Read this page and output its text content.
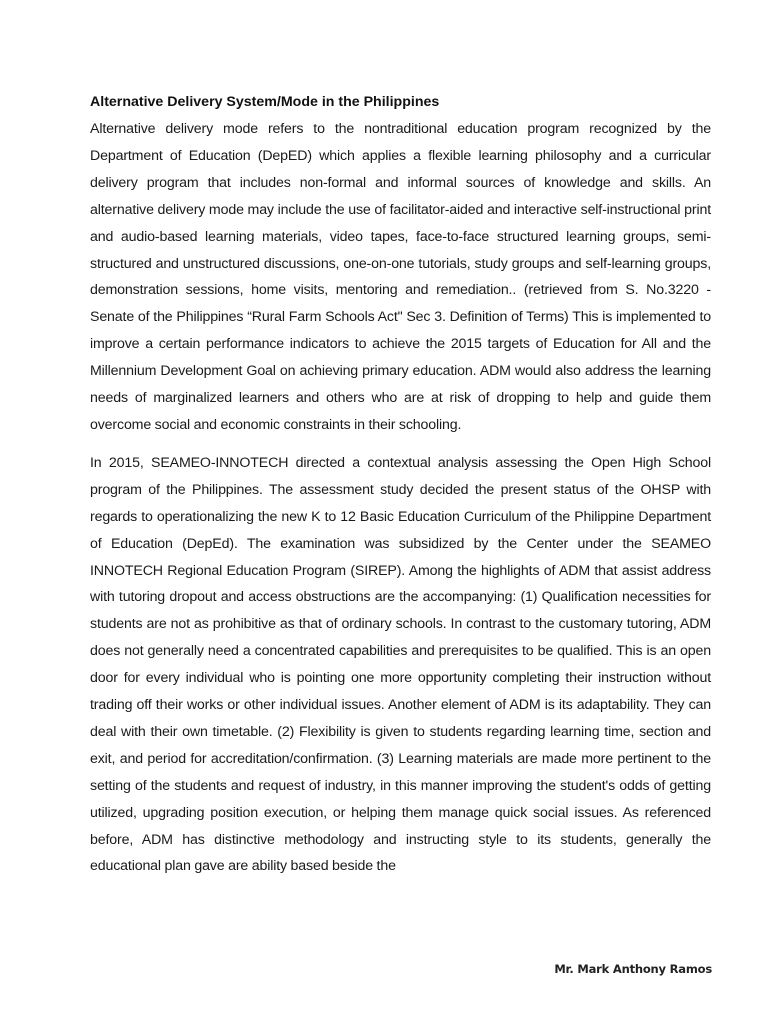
Alternative Delivery System/Mode in the Philippines

Alternative delivery mode refers to the nontraditional education program recognized by the Department of Education (DepED) which applies a flexible learning philosophy and a curricular delivery program that includes non-formal and informal sources of knowledge and skills. An alternative delivery mode may include the use of facilitator-aided and interactive self-instructional print and audio-based learning materials, video tapes, face-to-face structured learning groups, semi-structured and unstructured discussions, one-on-one tutorials, study groups and self-learning groups, demonstration sessions, home visits, mentoring and remediation.. (retrieved from S. No.3220 - Senate of the Philippines “Rural Farm Schools Act" Sec 3. Definition of Terms) This is implemented to improve a certain performance indicators to achieve the 2015 targets of Education for All and the Millennium Development Goal on achieving primary education. ADM would also address the learning needs of marginalized learners and others who are at risk of dropping to help and guide them overcome social and economic constraints in their schooling.

In 2015, SEAMEO-INNOTECH directed a contextual analysis assessing the Open High School program of the Philippines. The assessment study decided the present status of the OHSP with regards to operationalizing the new K to 12 Basic Education Curriculum of the Philippine Department of Education (DepEd). The examination was subsidized by the Center under the SEAMEO INNOTECH Regional Education Program (SIREP). Among the highlights of ADM that assist address with tutoring dropout and access obstructions are the accompanying: (1) Qualification necessities for students are not as prohibitive as that of ordinary schools. In contrast to the customary tutoring, ADM does not generally need a concentrated capabilities and prerequisites to be qualified. This is an open door for every individual who is pointing one more opportunity completing their instruction without trading off their works or other individual issues. Another element of ADM is its adaptability. They can deal with their own timetable. (2) Flexibility is given to students regarding learning time, section and exit, and period for accreditation/confirmation. (3) Learning materials are made more pertinent to the setting of the students and request of industry, in this manner improving the student's odds of getting utilized, upgrading position execution, or helping them manage quick social issues. As referenced before, ADM has distinctive methodology and instructing style to its students, generally the educational plan gave are ability based beside the

Mr. Mark Anthony Ramos
